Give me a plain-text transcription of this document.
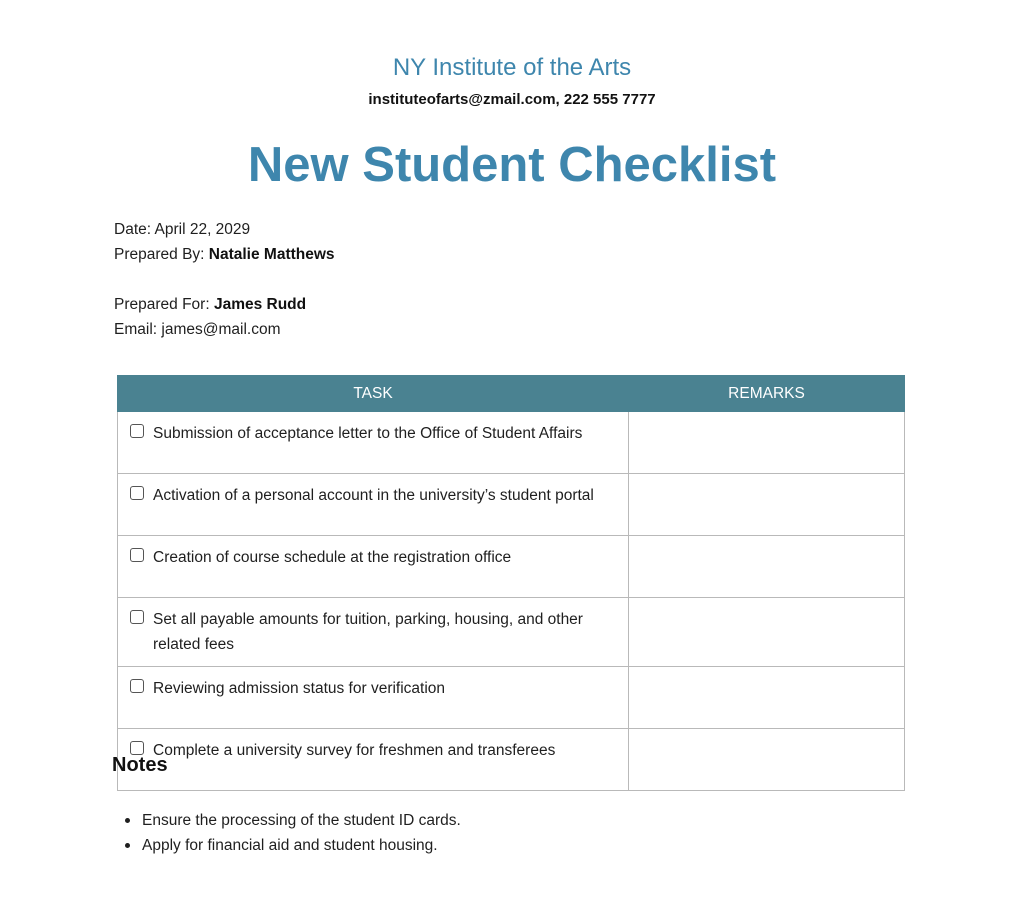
NY Institute of the Arts
instituteofarts@zmail.com, 222 555 7777
New Student Checklist
Date: April 22, 2029
Prepared By: Natalie Matthews
Prepared For: James Rudd
Email: james@mail.com
TASK	REMARKS

Submission of acceptance letter to the Office of Student Affairs	

Activation of a personal account in the university’s student portal	

Creation of course schedule at the registration office	

Set all payable amounts for tuition, parking, housing, and other related fees	

Reviewing admission status for verification	

Complete a university survey for freshmen and transferees	
Notes
Ensure the processing of the student ID cards.
Apply for financial aid and student housing.
